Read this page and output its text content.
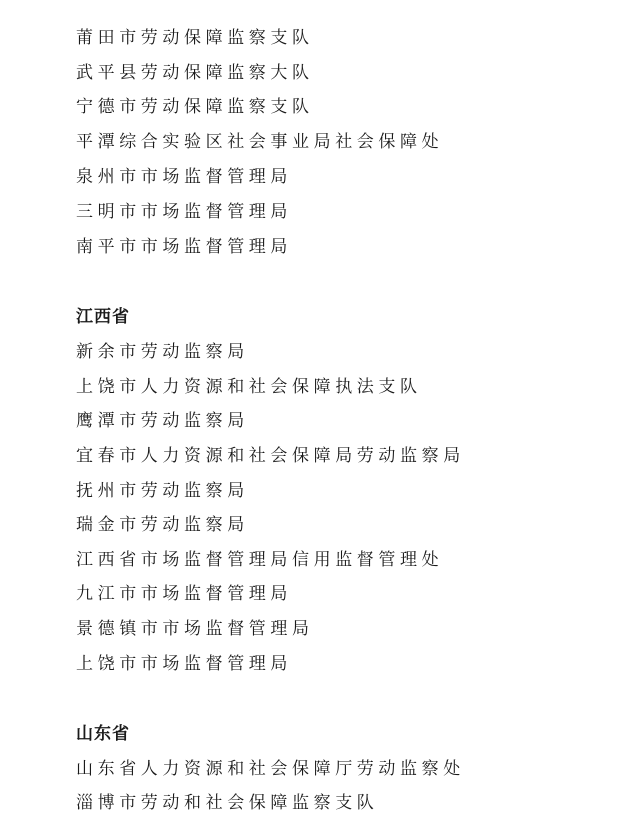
莆田市劳动保障监察支队
武平县劳动保障监察大队
宁德市劳动保障监察支队
平潭综合实验区社会事业局社会保障处
泉州市市场监督管理局
三明市市场监督管理局
南平市市场监督管理局
江西省
新余市劳动监察局
上饶市人力资源和社会保障执法支队
鹰潭市劳动监察局
宜春市人力资源和社会保障局劳动监察局
抚州市劳动监察局
瑞金市劳动监察局
江西省市场监督管理局信用监督管理处
九江市市场监督管理局
景德镇市市场监督管理局
上饶市市场监督管理局
山东省
山东省人力资源和社会保障厅劳动监察处
淄博市劳动和社会保障监察支队
